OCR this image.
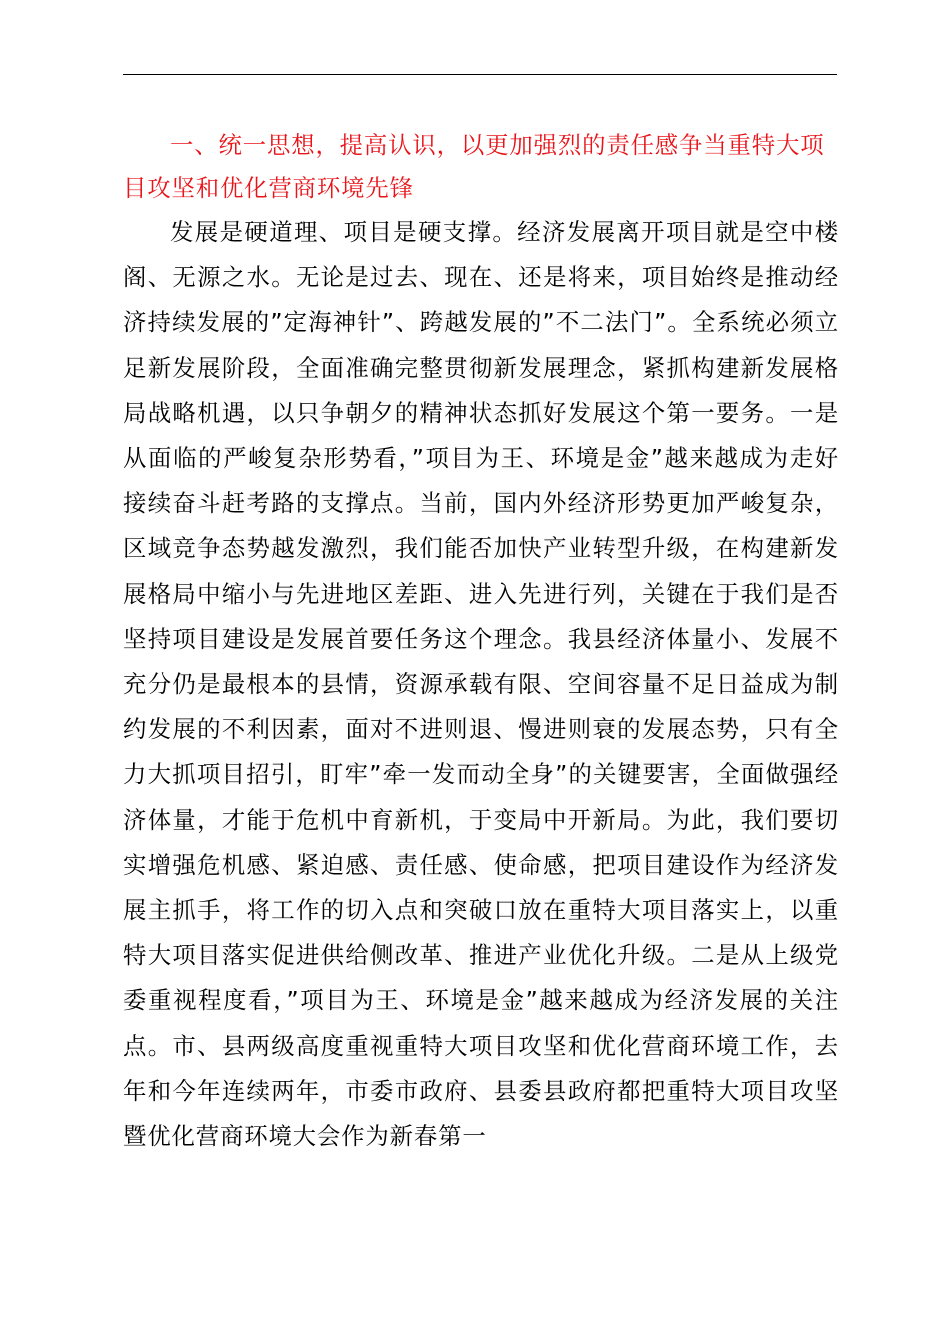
一、统一思想，提高认识，以更加强烈的责任感争当重特大项目攻坚和优化营商环境先锋

发展是硬道理、项目是硬支撑。经济发展离开项目就是空中楼阁、无源之水。无论是过去、现在、还是将来，项目始终是推动经济持续发展的”定海神针”、跨越发展的”不二法门”。全系统必须立足新发展阶段，全面准确完整贯彻新发展理念，紧抓构建新发展格局战略机遇，以只争朝夕的精神状态抓好发展这个第一要务。一是从面临的严峻复杂形势看，”项目为王、环境是金”越来越成为走好接续奋斗赶考路的支撑点。当前，国内外经济形势更加严峻复杂，区域竞争态势越发激烈，我们能否加快产业转型升级，在构建新发展格局中缩小与先进地区差距、进入先进行列，关键在于我们是否坚持项目建设是发展首要任务这个理念。我县经济体量小、发展不充分仍是最根本的县情，资源承载有限、空间容量不足日益成为制约发展的不利因素，面对不进则退、慢进则衰的发展态势，只有全力大抓项目招引，盯牢”牵一发而动全身”的关键要害，全面做强经济体量，才能于危机中育新机，于变局中开新局。为此，我们要切实增强危机感、紧迫感、责任感、使命感，把项目建设作为经济发展主抓手，将工作的切入点和突破口放在重特大项目落实上，以重特大项目落实促进供给侧改革、推进产业优化升级。二是从上级党委重视程度看，”项目为王、环境是金”越来越成为经济发展的关注点。市、县两级高度重视重特大项目攻坚和优化营商环境工作，去年和今年连续两年，市委市政府、县委县政府都把重特大项目攻坚暨优化营商环境大会作为新春第一
